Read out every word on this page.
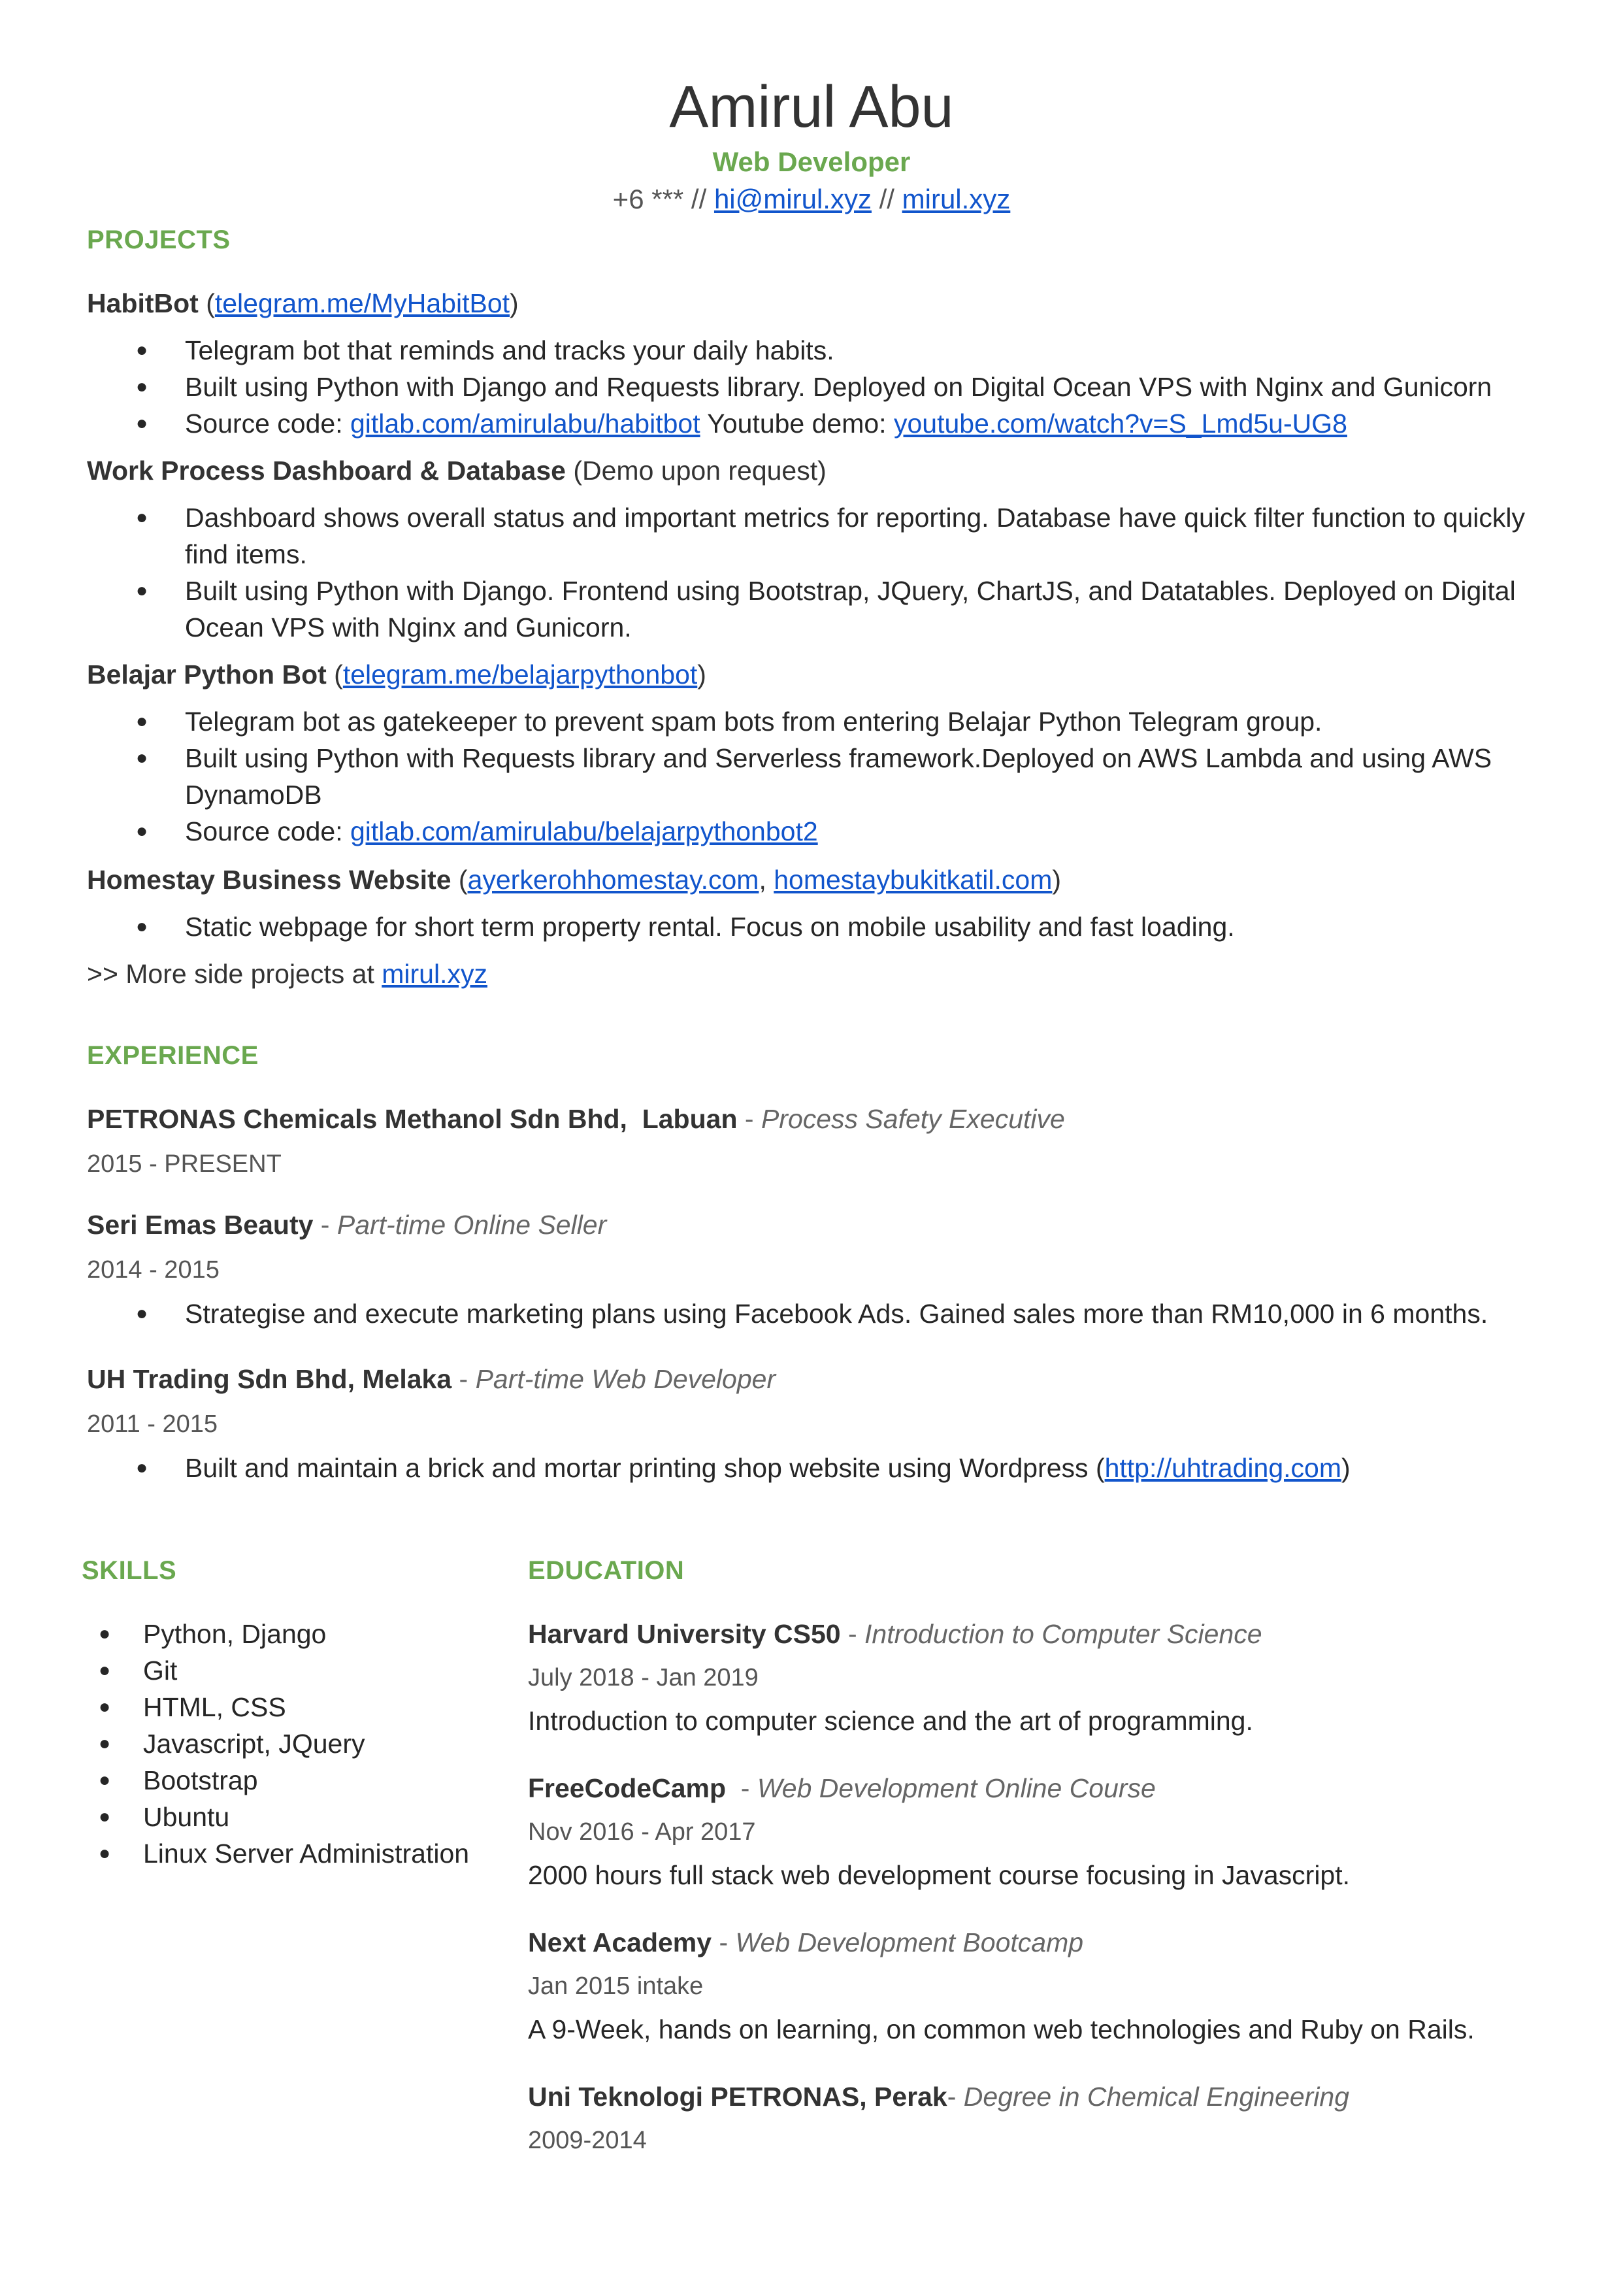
Amirul Abu
Web Developer
+6 *** // hi@mirul.xyz // mirul.xyz
PROJECTS
HabitBot (telegram.me/MyHabitBot)
● Telegram bot that reminds and tracks your daily habits.
● Built using Python with Django and Requests library. Deployed on Digital Ocean VPS with Nginx and Gunicorn
● Source code: gitlab.com/amirulabu/habitbot Youtube demo: youtube.com/watch?v=S_Lmd5u-UG8
Work Process Dashboard & Database (Demo upon request)
● Dashboard shows overall status and important metrics for reporting. Database have quick filter function to quickly find items.
● Built using Python with Django. Frontend using Bootstrap, JQuery, ChartJS, and Datatables. Deployed on Digital Ocean VPS with Nginx and Gunicorn.
Belajar Python Bot (telegram.me/belajarpythonbot)
● Telegram bot as gatekeeper to prevent spam bots from entering Belajar Python Telegram group.
● Built using Python with Requests library and Serverless framework.Deployed on AWS Lambda and using AWS DynamoDB
● Source code: gitlab.com/amirulabu/belajarpythonbot2
Homestay Business Website (ayerkerohhomestay.com, homestaybukitkatil.com)
● Static webpage for short term property rental. Focus on mobile usability and fast loading.
>> More side projects at mirul.xyz
EXPERIENCE
PETRONAS Chemicals Methanol Sdn Bhd,  Labuan - Process Safety Executive
2015 - PRESENT
Seri Emas Beauty - Part-time Online Seller
2014 - 2015
● Strategise and execute marketing plans using Facebook Ads. Gained sales more than RM10,000 in 6 months.
UH Trading Sdn Bhd, Melaka - Part-time Web Developer
2011 - 2015
● Built and maintain a brick and mortar printing shop website using Wordpress (http://uhtrading.com)
SKILLS
● Python, Django
● Git
● HTML, CSS
● Javascript, JQuery
● Bootstrap
● Ubuntu
● Linux Server Administration
EDUCATION
Harvard University CS50 - Introduction to Computer Science
July 2018 - Jan 2019
Introduction to computer science and the art of programming.
FreeCodeCamp  - Web Development Online Course
Nov 2016 - Apr 2017
2000 hours full stack web development course focusing in Javascript.
Next Academy - Web Development Bootcamp
Jan 2015 intake
A 9-Week, hands on learning, on common web technologies and Ruby on Rails.
Uni Teknologi PETRONAS, Perak- Degree in Chemical Engineering
2009-2014
